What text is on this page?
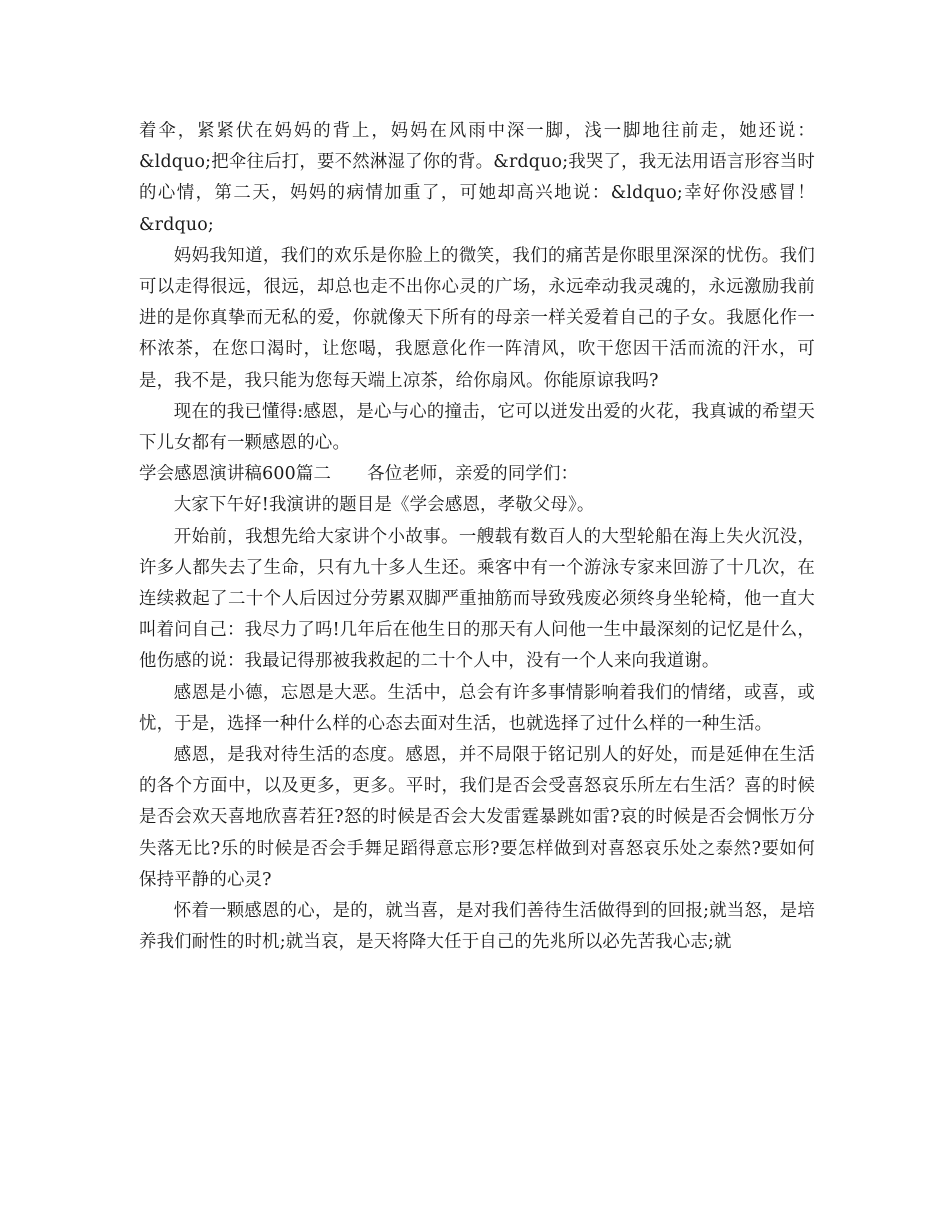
着伞，紧紧伏在妈妈的背上，妈妈在风雨中深一脚，浅一脚地往前走，她还说：&ldquo;把伞往后打，要不然淋湿了你的背。&rdquo;我哭了，我无法用语言形容当时的心情，第二天，妈妈的病情加重了，可她却高兴地说：&ldquo;幸好你没感冒！&rdquo;

妈妈我知道，我们的欢乐是你脸上的微笑，我们的痛苦是你眼里深深的忧伤。我们可以走得很远，很远，却总也走不出你心灵的广场，永远牵动我灵魂的，永远激励我前进的是你真挚而无私的爱，你就像天下所有的母亲一样关爱着自己的子女。我愿化作一杯浓茶，在您口渴时，让您喝，我愿意化作一阵清风，吹干您因干活而流的汗水，可是，我不是，我只能为您每天端上凉茶，给你扇风。你能原谅我吗?

现在的我已懂得:感恩，是心与心的撞击，它可以迸发出爱的火花，我真诚的希望天下儿女都有一颗感恩的心。

学会感恩演讲稿600篇二 各位老师，亲爱的同学们：

大家下午好!我演讲的题目是《学会感恩，孝敬父母》。

开始前，我想先给大家讲个小故事。一艘载有数百人的大型轮船在海上失火沉没，许多人都失去了生命，只有九十多人生还。乘客中有一个游泳专家来回游了十几次，在连续救起了二十个人后因过分劳累双脚严重抽筋而导致残废必须终身坐轮椅，他一直大叫着问自己：我尽力了吗!几年后在他生日的那天有人问他一生中最深刻的记忆是什么，他伤感的说：我最记得那被我救起的二十个人中，没有一个人来向我道谢。

感恩是小德，忘恩是大恶。生活中，总会有许多事情影响着我们的情绪，或喜，或忧，于是，选择一种什么样的心态去面对生活，也就选择了过什么样的一种生活。

感恩，是我对待生活的态度。感恩，并不局限于铭记别人的好处，而是延伸在生活的各个方面中，以及更多，更多。平时，我们是否会受喜怒哀乐所左右生活？喜的时候是否会欢天喜地欣喜若狂?怒的时候是否会大发雷霆暴跳如雷?哀的时候是否会惆怅万分失落无比?乐的时候是否会手舞足蹈得意忘形?要怎样做到对喜怒哀乐处之泰然?要如何保持平静的心灵?

怀着一颗感恩的心，是的，就当喜，是对我们善待生活做得到的回报;就当怒，是培养我们耐性的时机;就当哀，是天将降大任于自己的先兆所以必先苦我心志;就
